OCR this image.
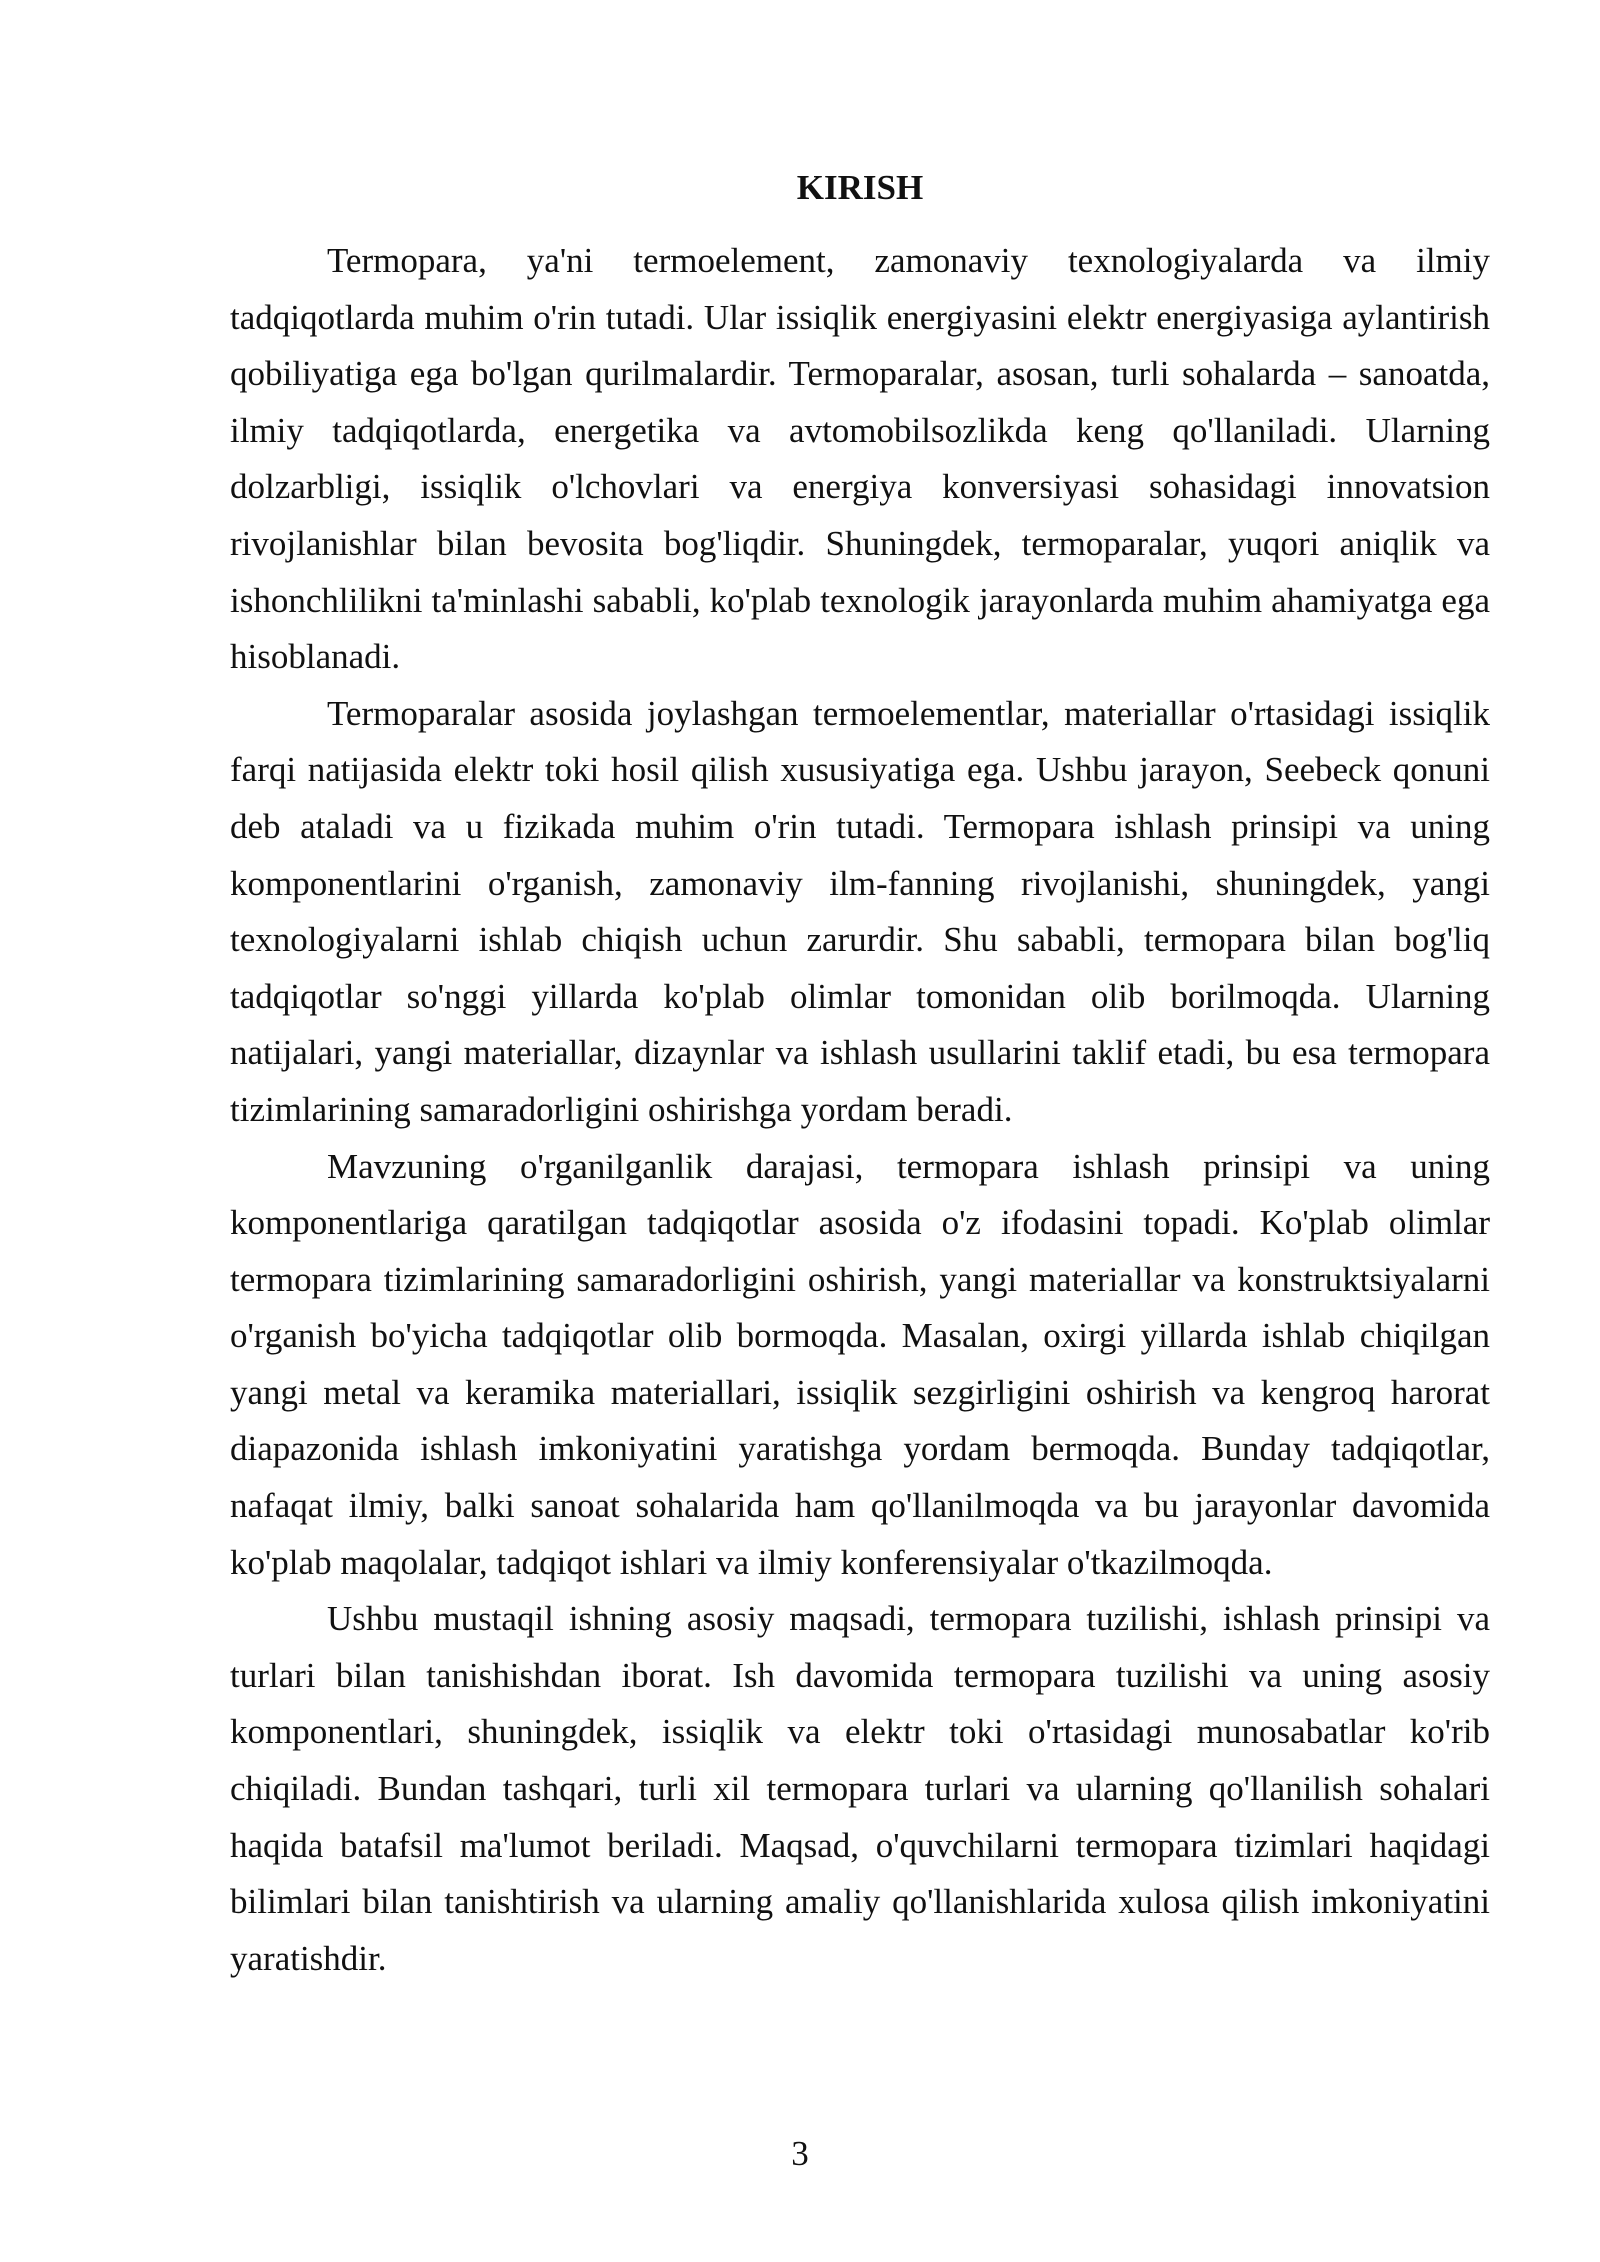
KIRISH

Termopara, ya'ni termoelement, zamonaviy texnologiyalarda va ilmiy tadqiqotlarda muhim o'rin tutadi. Ular issiqlik energiyasini elektr energiyasiga aylantirish qobiliyatiga ega bo'lgan qurilmalardir. Termoparalar, asosan, turli sohalarda – sanoatda, ilmiy tadqiqotlarda, energetika va avtomobilsozlikda keng qo'llaniladi. Ularning dolzarbligi, issiqlik o'lchovlari va energiya konversiyasi sohasidagi innovatsion rivojlanishlar bilan bevosita bog'liqdir. Shuningdek, termoparalar, yuqori aniqlik va ishonchlilikni ta'minlashi sababli, ko'plab texnologik jarayonlarda muhim ahamiyatga ega hisoblanadi.

Termoparalar asosida joylashgan termoelementlar, materiallar o'rtasidagi issiqlik farqi natijasida elektr toki hosil qilish xususiyatiga ega. Ushbu jarayon, Seebeck qonuni deb ataladi va u fizikada muhim o'rin tutadi. Termopara ishlash prinsipi va uning komponentlarini o'rganish, zamonaviy ilm-fanning rivojlanishi, shuningdek, yangi texnologiyalarni ishlab chiqish uchun zarurdir. Shu sababli, termopara bilan bog'liq tadqiqotlar so'nggi yillarda ko'plab olimlar tomonidan olib borilmoqda. Ularning natijalari, yangi materiallar, dizaynlar va ishlash usullarini taklif etadi, bu esa termopara tizimlarining samaradorligini oshirishga yordam beradi.

Mavzuning o'rganilganlik darajasi, termopara ishlash prinsipi va uning komponentlariga qaratilgan tadqiqotlar asosida o'z ifodasini topadi. Ko'plab olimlar termopara tizimlarining samaradorligini oshirish, yangi materiallar va konstruktsiyalarni o'rganish bo'yicha tadqiqotlar olib bormoqda. Masalan, oxirgi yillarda ishlab chiqilgan yangi metal va keramika materiallari, issiqlik sezgirligini oshirish va kengroq harorat diapazonida ishlash imkoniyatini yaratishga yordam bermoqda. Bunday tadqiqotlar, nafaqat ilmiy, balki sanoat sohalarida ham qo'llanilmoqda va bu jarayonlar davomida ko'plab maqolalar, tadqiqot ishlari va ilmiy konferensiyalar o'tkazilmoqda.

Ushbu mustaqil ishning asosiy maqsadi, termopara tuzilishi, ishlash prinsipi va turlari bilan tanishishdan iborat. Ish davomida termopara tuzilishi va uning asosiy komponentlari, shuningdek, issiqlik va elektr toki o'rtasidagi munosabatlar ko'rib chiqiladi. Bundan tashqari, turli xil termopara turlari va ularning qo'llanilish sohalari haqida batafsil ma'lumot beriladi. Maqsad, o'quvchilarni termopara tizimlari haqidagi bilimlari bilan tanishtirish va ularning amaliy qo'llanishlarida xulosa qilish imkoniyatini yaratishdir.

3
